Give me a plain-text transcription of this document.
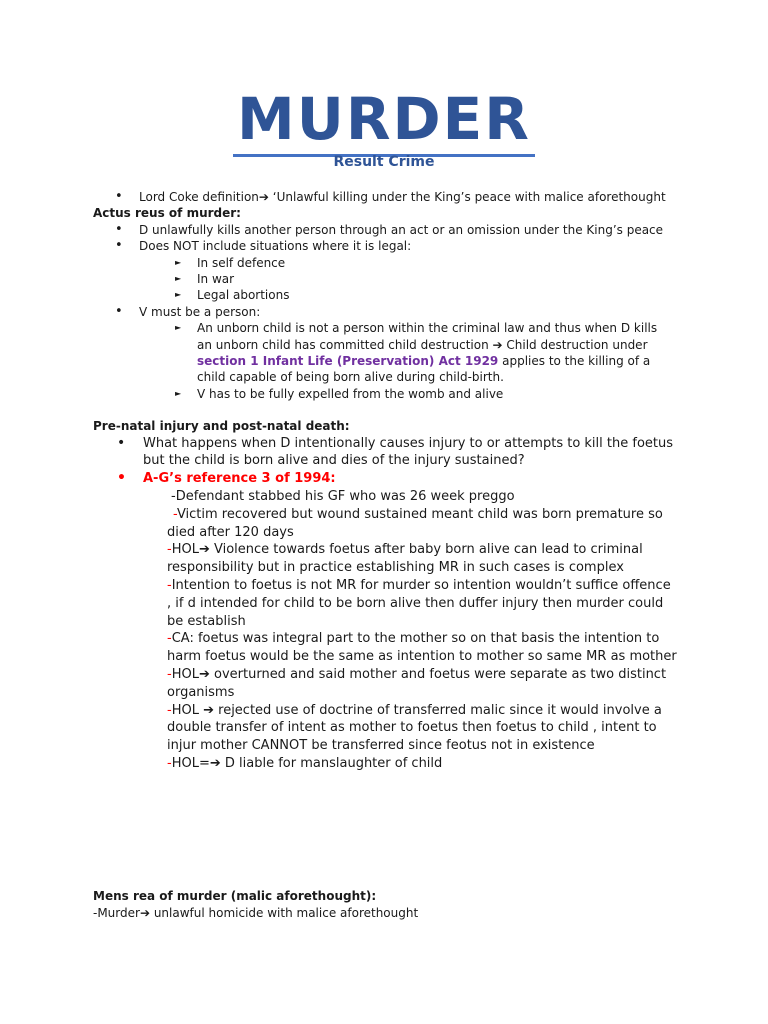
MURDER
Result Crime
• Lord Coke definition➔ ‘Unlawful killing under the King’s peace with malice aforethought
Actus reus of murder:
• D unlawfully kills another person through an act or an omission under the King’s peace
• Does NOT include situations where it is legal:
► In self defence
► In war
► Legal abortions
• V must be a person:
► An unborn child is not a person within the criminal law and thus when D kills an unborn child has committed child destruction ➔ Child destruction under section 1 Infant Life (Preservation) Act 1929 applies to the killing of a child capable of being born alive during child-birth.
► V has to be fully expelled from the womb and alive
Pre-natal injury and post-natal death:
• What happens when D intentionally causes injury to or attempts to kill the foetus but the child is born alive and dies of the injury sustained?
• A-G’s reference 3 of 1994:
-Defendant stabbed his GF who was 26 week preggo
-Victim recovered but wound sustained meant child was born premature so died after 120 days
-HOL➔ Violence towards foetus after baby born alive can lead to criminal responsibility but in practice establishing MR in such cases is complex
-Intention to foetus is not MR for murder so intention wouldn’t suffice offence , if d intended for child to be born alive then duffer injury then murder could be establish
-CA: foetus was integral part to the mother so on that basis the intention to harm foetus would be the same as intention to mother so same MR as mother
-HOL➔ overturned and said mother and foetus were separate as two distinct organisms
-HOL ➔ rejected use of doctrine of transferred malic since it would involve a double transfer of intent as mother to foetus then foetus to child , intent to injur mother CANNOT be transferred since feotus not in existence
-HOL=➔ D liable for manslaughter of child
Mens rea of murder (malic aforethought):
-Murder➔ unlawful homicide with malice aforethought
